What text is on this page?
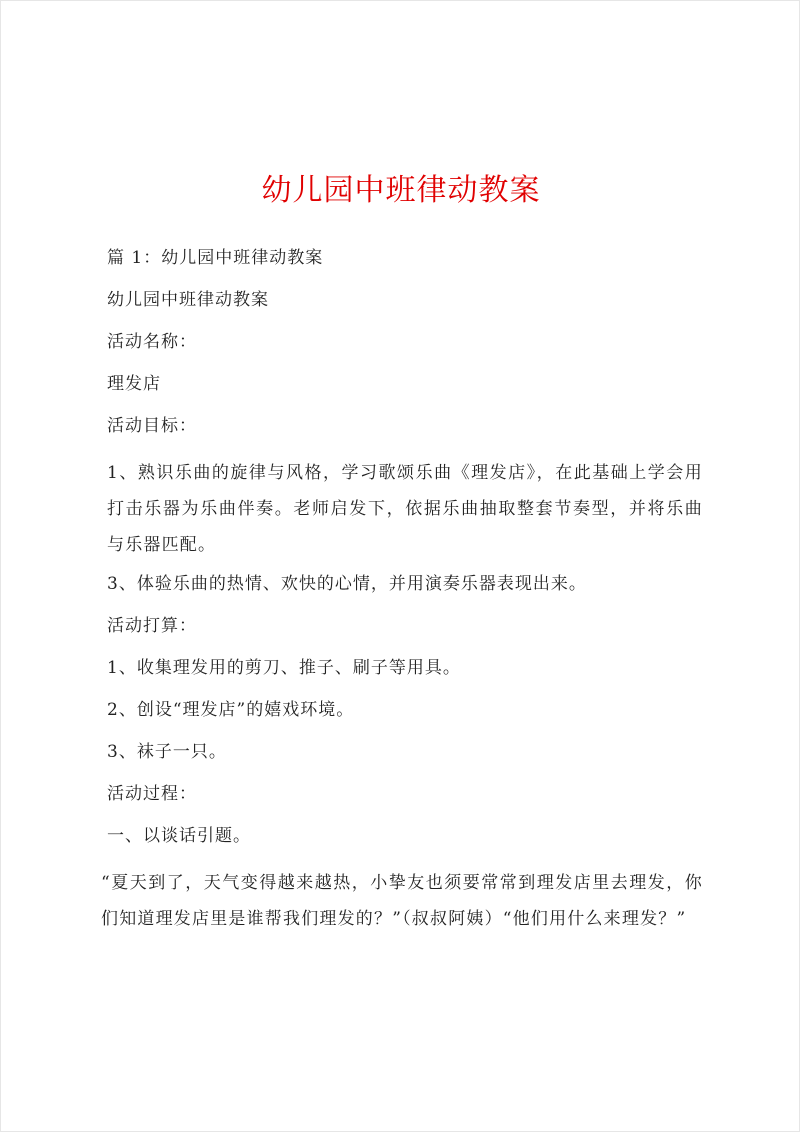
幼儿园中班律动教案
篇 1：幼儿园中班律动教案
幼儿园中班律动教案
活动名称：
理发店
活动目标：
1、熟识乐曲的旋律与风格，学习歌颂乐曲《理发店》，在此基础上学会用打击乐器为乐曲伴奏。老师启发下，依据乐曲抽取整套节奏型，并将乐曲与乐器匹配。
3、体验乐曲的热情、欢快的心情，并用演奏乐器表现出来。
活动打算：
1、收集理发用的剪刀、推子、刷子等用具。
2、创设“理发店”的嬉戏环境。
3、袜子一只。
活动过程：
一、以谈话引题。
“夏天到了，天气变得越来越热，小挚友也须要常常到理发店里去理发，你们知道理发店里是谁帮我们理发的？”（叔叔阿姨）“他们用什么来理发？”
